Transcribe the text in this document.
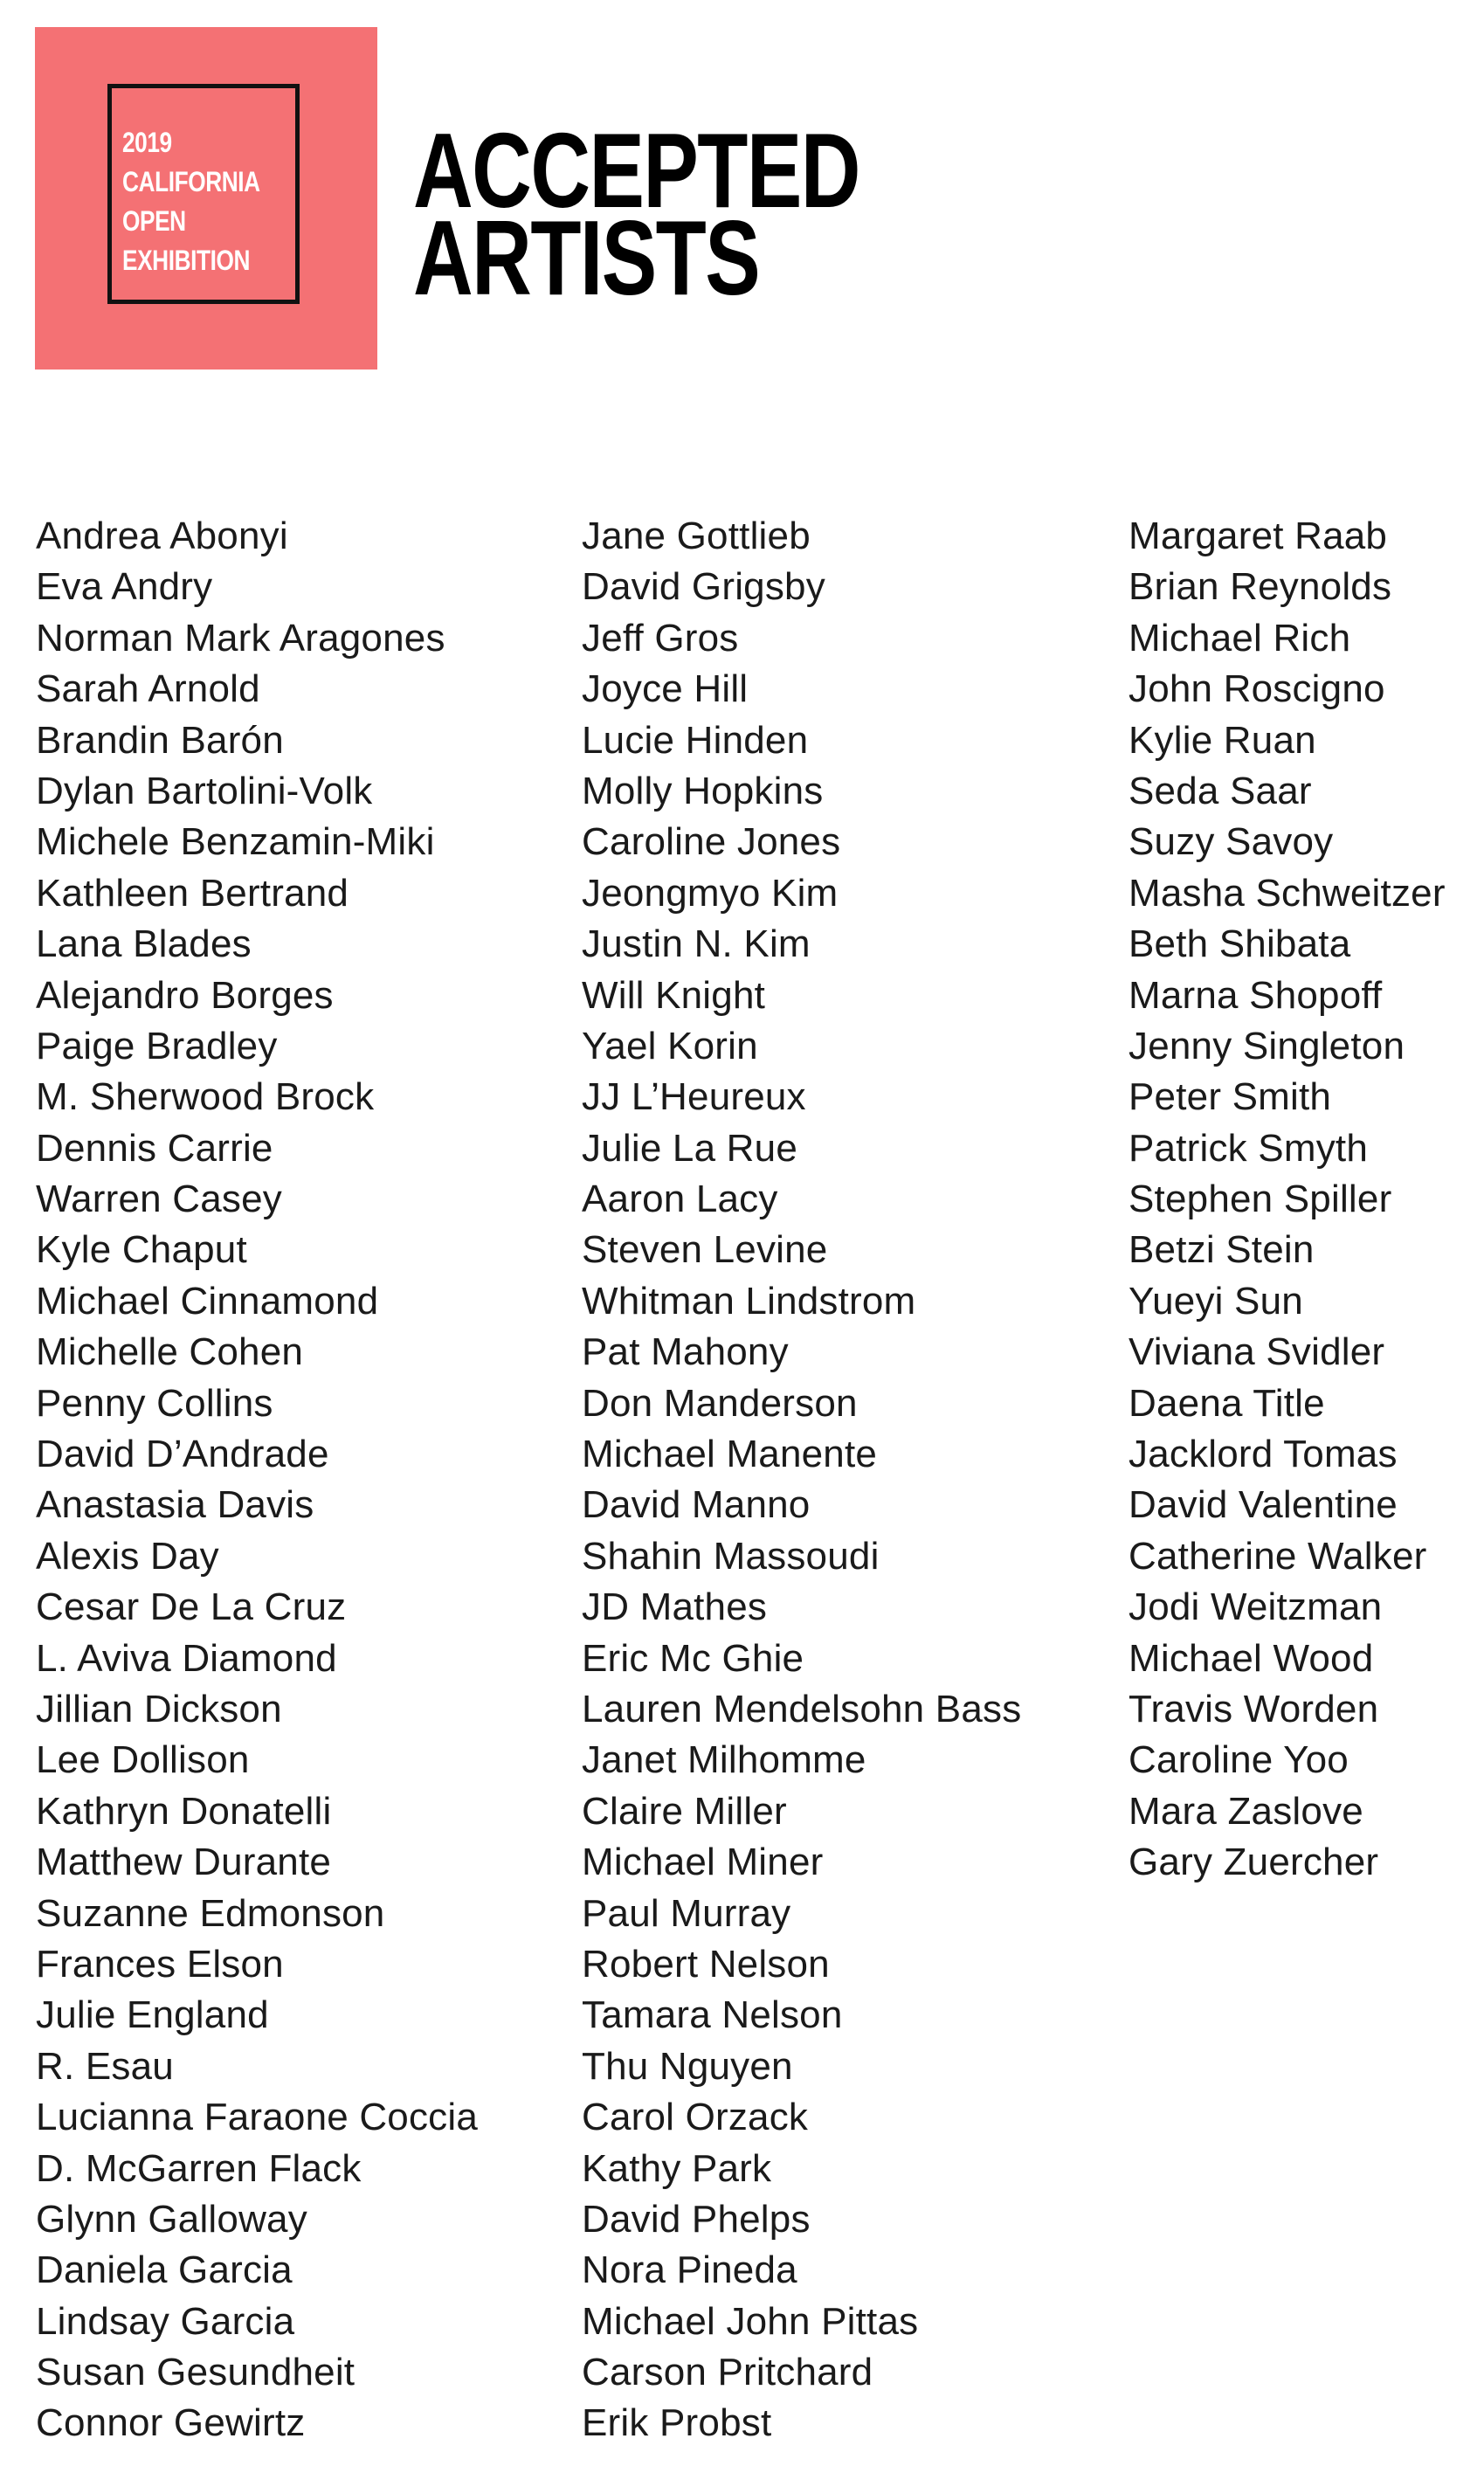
2019
CALIFORNIA
OPEN
EXHIBITION
ACCEPTED
ARTISTS
Andrea Abonyi
Eva Andry
Norman Mark Aragones
Sarah Arnold
Brandin Barón
Dylan Bartolini-Volk
Michele Benzamin-Miki
Kathleen Bertrand
Lana Blades
Alejandro Borges
Paige Bradley
M. Sherwood Brock
Dennis Carrie
Warren Casey
Kyle Chaput
Michael Cinnamond
Michelle Cohen
Penny Collins
David D’Andrade
Anastasia Davis
Alexis Day
Cesar De La Cruz
L. Aviva Diamond
Jillian Dickson
Lee Dollison
Kathryn Donatelli
Matthew Durante
Suzanne Edmonson
Frances Elson
Julie England
R. Esau
Lucianna Faraone Coccia
D. McGarren Flack
Glynn Galloway
Daniela Garcia
Lindsay Garcia
Susan Gesundheit
Connor Gewirtz
Jane Gottlieb
David Grigsby
Jeff Gros
Joyce Hill
Lucie Hinden
Molly Hopkins
Caroline Jones
Jeongmyo Kim
Justin N. Kim
Will Knight
Yael Korin
JJ L’Heureux
Julie La Rue
Aaron Lacy
Steven Levine
Whitman Lindstrom
Pat Mahony
Don Manderson
Michael Manente
David Manno
Shahin Massoudi
JD Mathes
Eric Mc Ghie
Lauren Mendelsohn Bass
Janet Milhomme
Claire Miller
Michael Miner
Paul Murray
Robert Nelson
Tamara Nelson
Thu Nguyen
Carol Orzack
Kathy Park
David Phelps
Nora Pineda
Michael John Pittas
Carson Pritchard
Erik Probst
Margaret Raab
Brian Reynolds
Michael Rich
John Roscigno
Kylie Ruan
Seda Saar
Suzy Savoy
Masha Schweitzer
Beth Shibata
Marna Shopoff
Jenny Singleton
Peter Smith
Patrick Smyth
Stephen Spiller
Betzi Stein
Yueyi Sun
Viviana Svidler
Daena Title
Jacklord Tomas
David Valentine
Catherine Walker
Jodi Weitzman
Michael Wood
Travis Worden
Caroline Yoo
Mara Zaslove
Gary Zuercher
